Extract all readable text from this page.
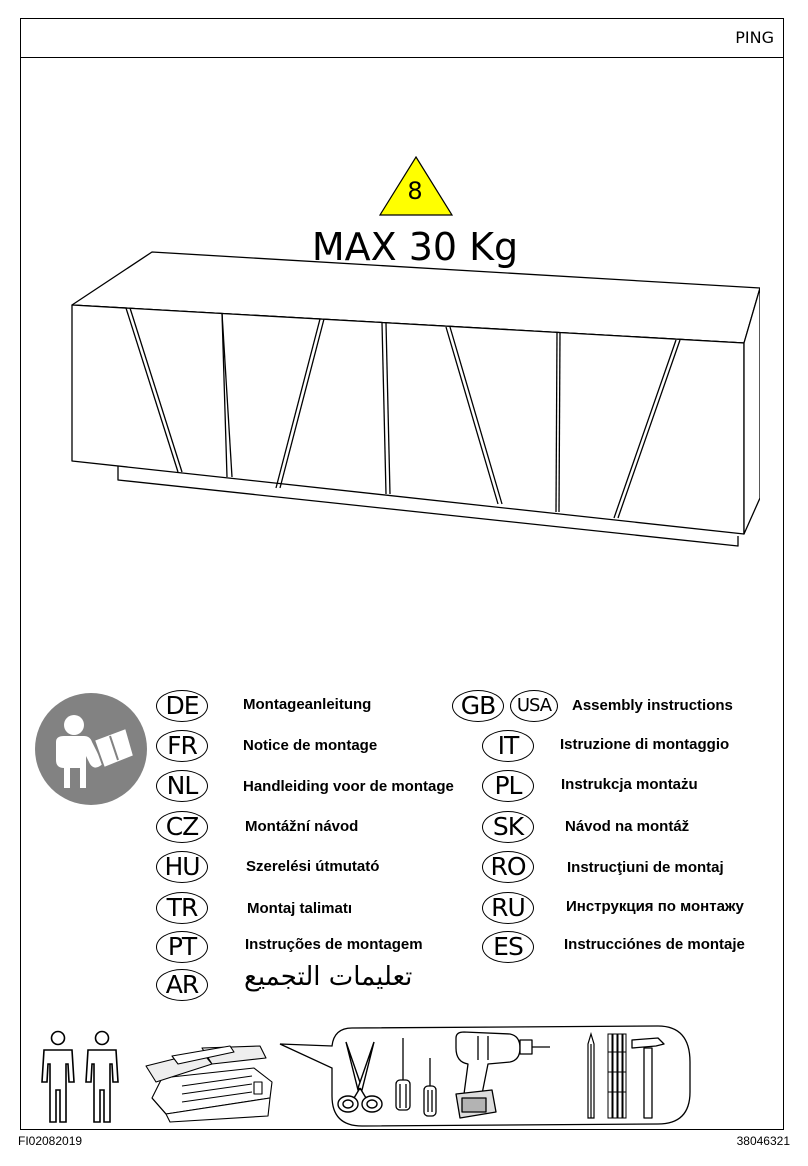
PING
8
MAX 30 Kg
DE	Montageanleitung
FR	Notice de montage
NL	Handleiding voor de montage
CZ	Montážní návod
HU	Szerelési útmutató
TR	Montaj talimatı
PT	Instruções de montagem
AR	تعليمات التجميع
GB	USA	Assembly instructions
IT	Istruzione di montaggio
PL	Instrukcja montażu
SK	Návod na montáž
RO	Instrucţiuni de montaj
RU	Инструкция по монтажу
ES	Instrucciónes de montaje
FI02082019	38046321
